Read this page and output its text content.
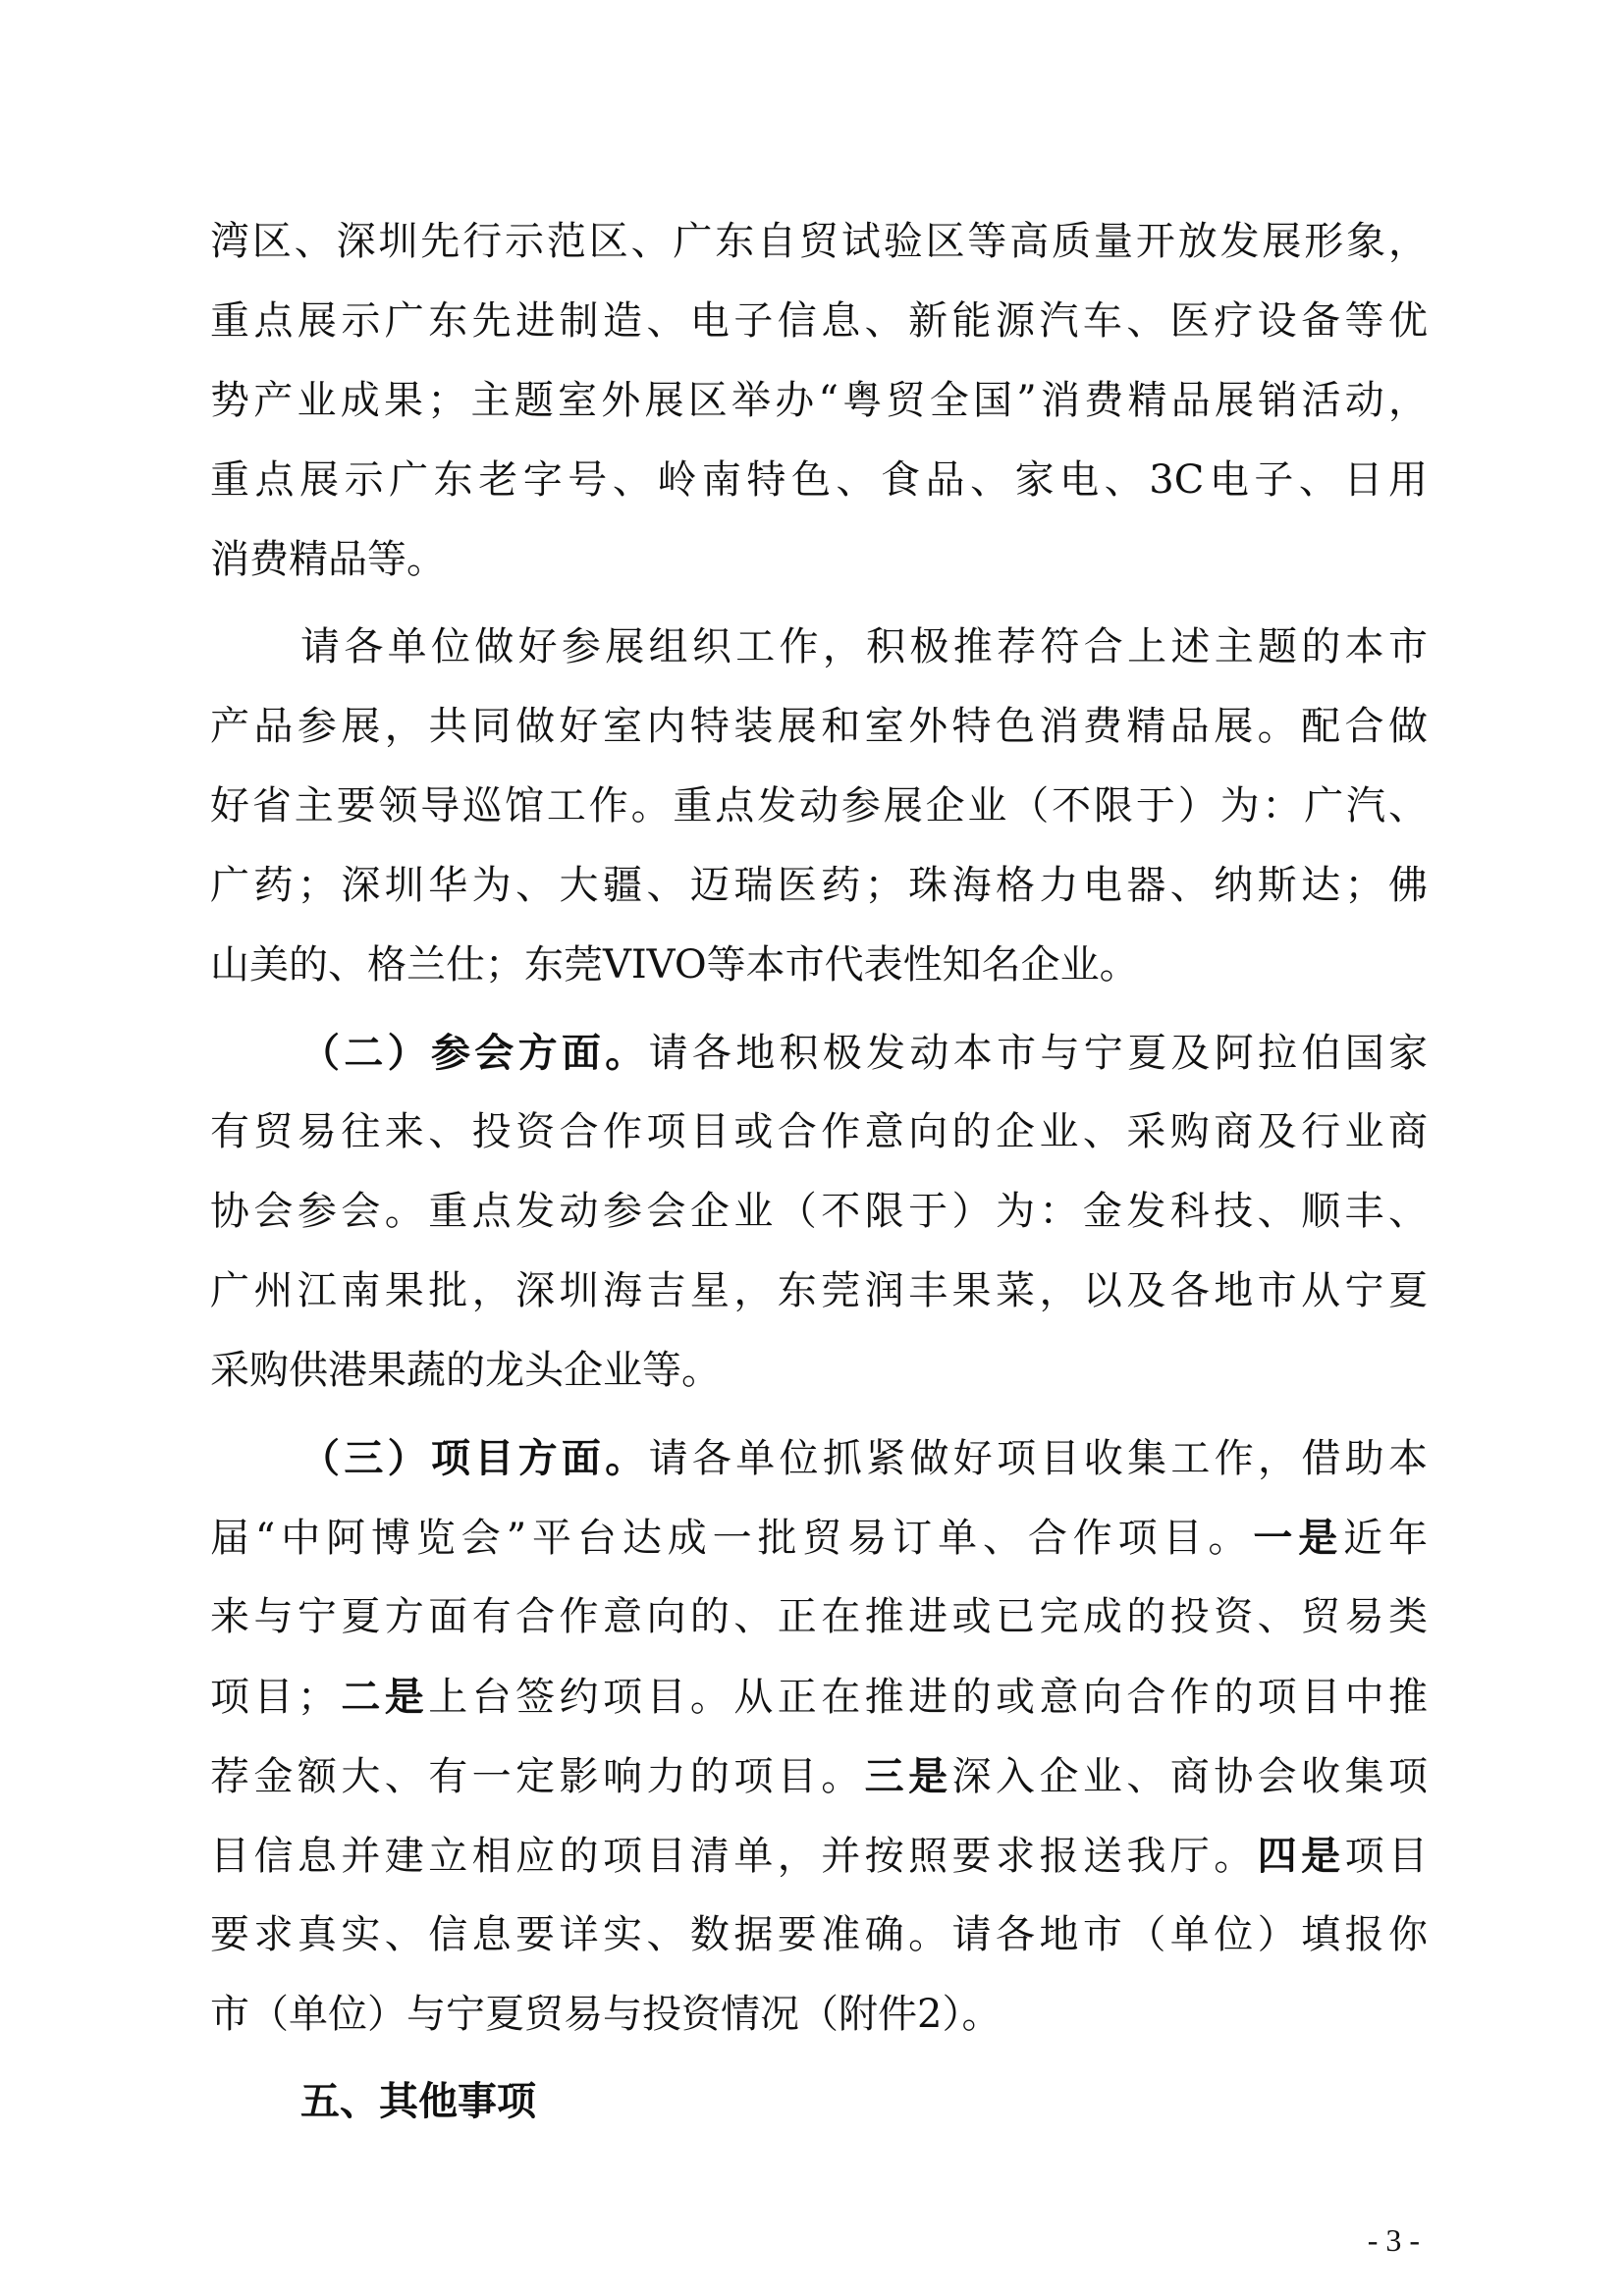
湾区、深圳先行示范区、广东自贸试验区等高质量开放发展形象，
重点展示广东先进制造、电子信息、新能源汽车、医疗设备等优
势产业成果；主题室外展区举办“粤贸全国”消费精品展销活动，
重点展示广东老字号、岭南特色、食品、家电、3C电子、日用
消费精品等。
请各单位做好参展组织工作，积极推荐符合上述主题的本市
产品参展，共同做好室内特装展和室外特色消费精品展。配合做
好省主要领导巡馆工作。重点发动参展企业（不限于）为：广汽、
广药；深圳华为、大疆、迈瑞医药；珠海格力电器、纳斯达；佛
山美的、格兰仕；东莞VIVO等本市代表性知名企业。
（二）参会方面。请各地积极发动本市与宁夏及阿拉伯国家
有贸易往来、投资合作项目或合作意向的企业、采购商及行业商
协会参会。重点发动参会企业（不限于）为：金发科技、顺丰、
广州江南果批，深圳海吉星，东莞润丰果菜，以及各地市从宁夏
采购供港果蔬的龙头企业等。
（三）项目方面。请各单位抓紧做好项目收集工作，借助本
届“中阿博览会”平台达成一批贸易订单、合作项目。一是近年
来与宁夏方面有合作意向的、正在推进或已完成的投资、贸易类
项目；二是上台签约项目。从正在推进的或意向合作的项目中推
荐金额大、有一定影响力的项目。三是深入企业、商协会收集项
目信息并建立相应的项目清单，并按照要求报送我厅。四是项目
要求真实、信息要详实、数据要准确。请各地市（单位）填报你
市（单位）与宁夏贸易与投资情况（附件2）。
五、其他事项
- 3 -
